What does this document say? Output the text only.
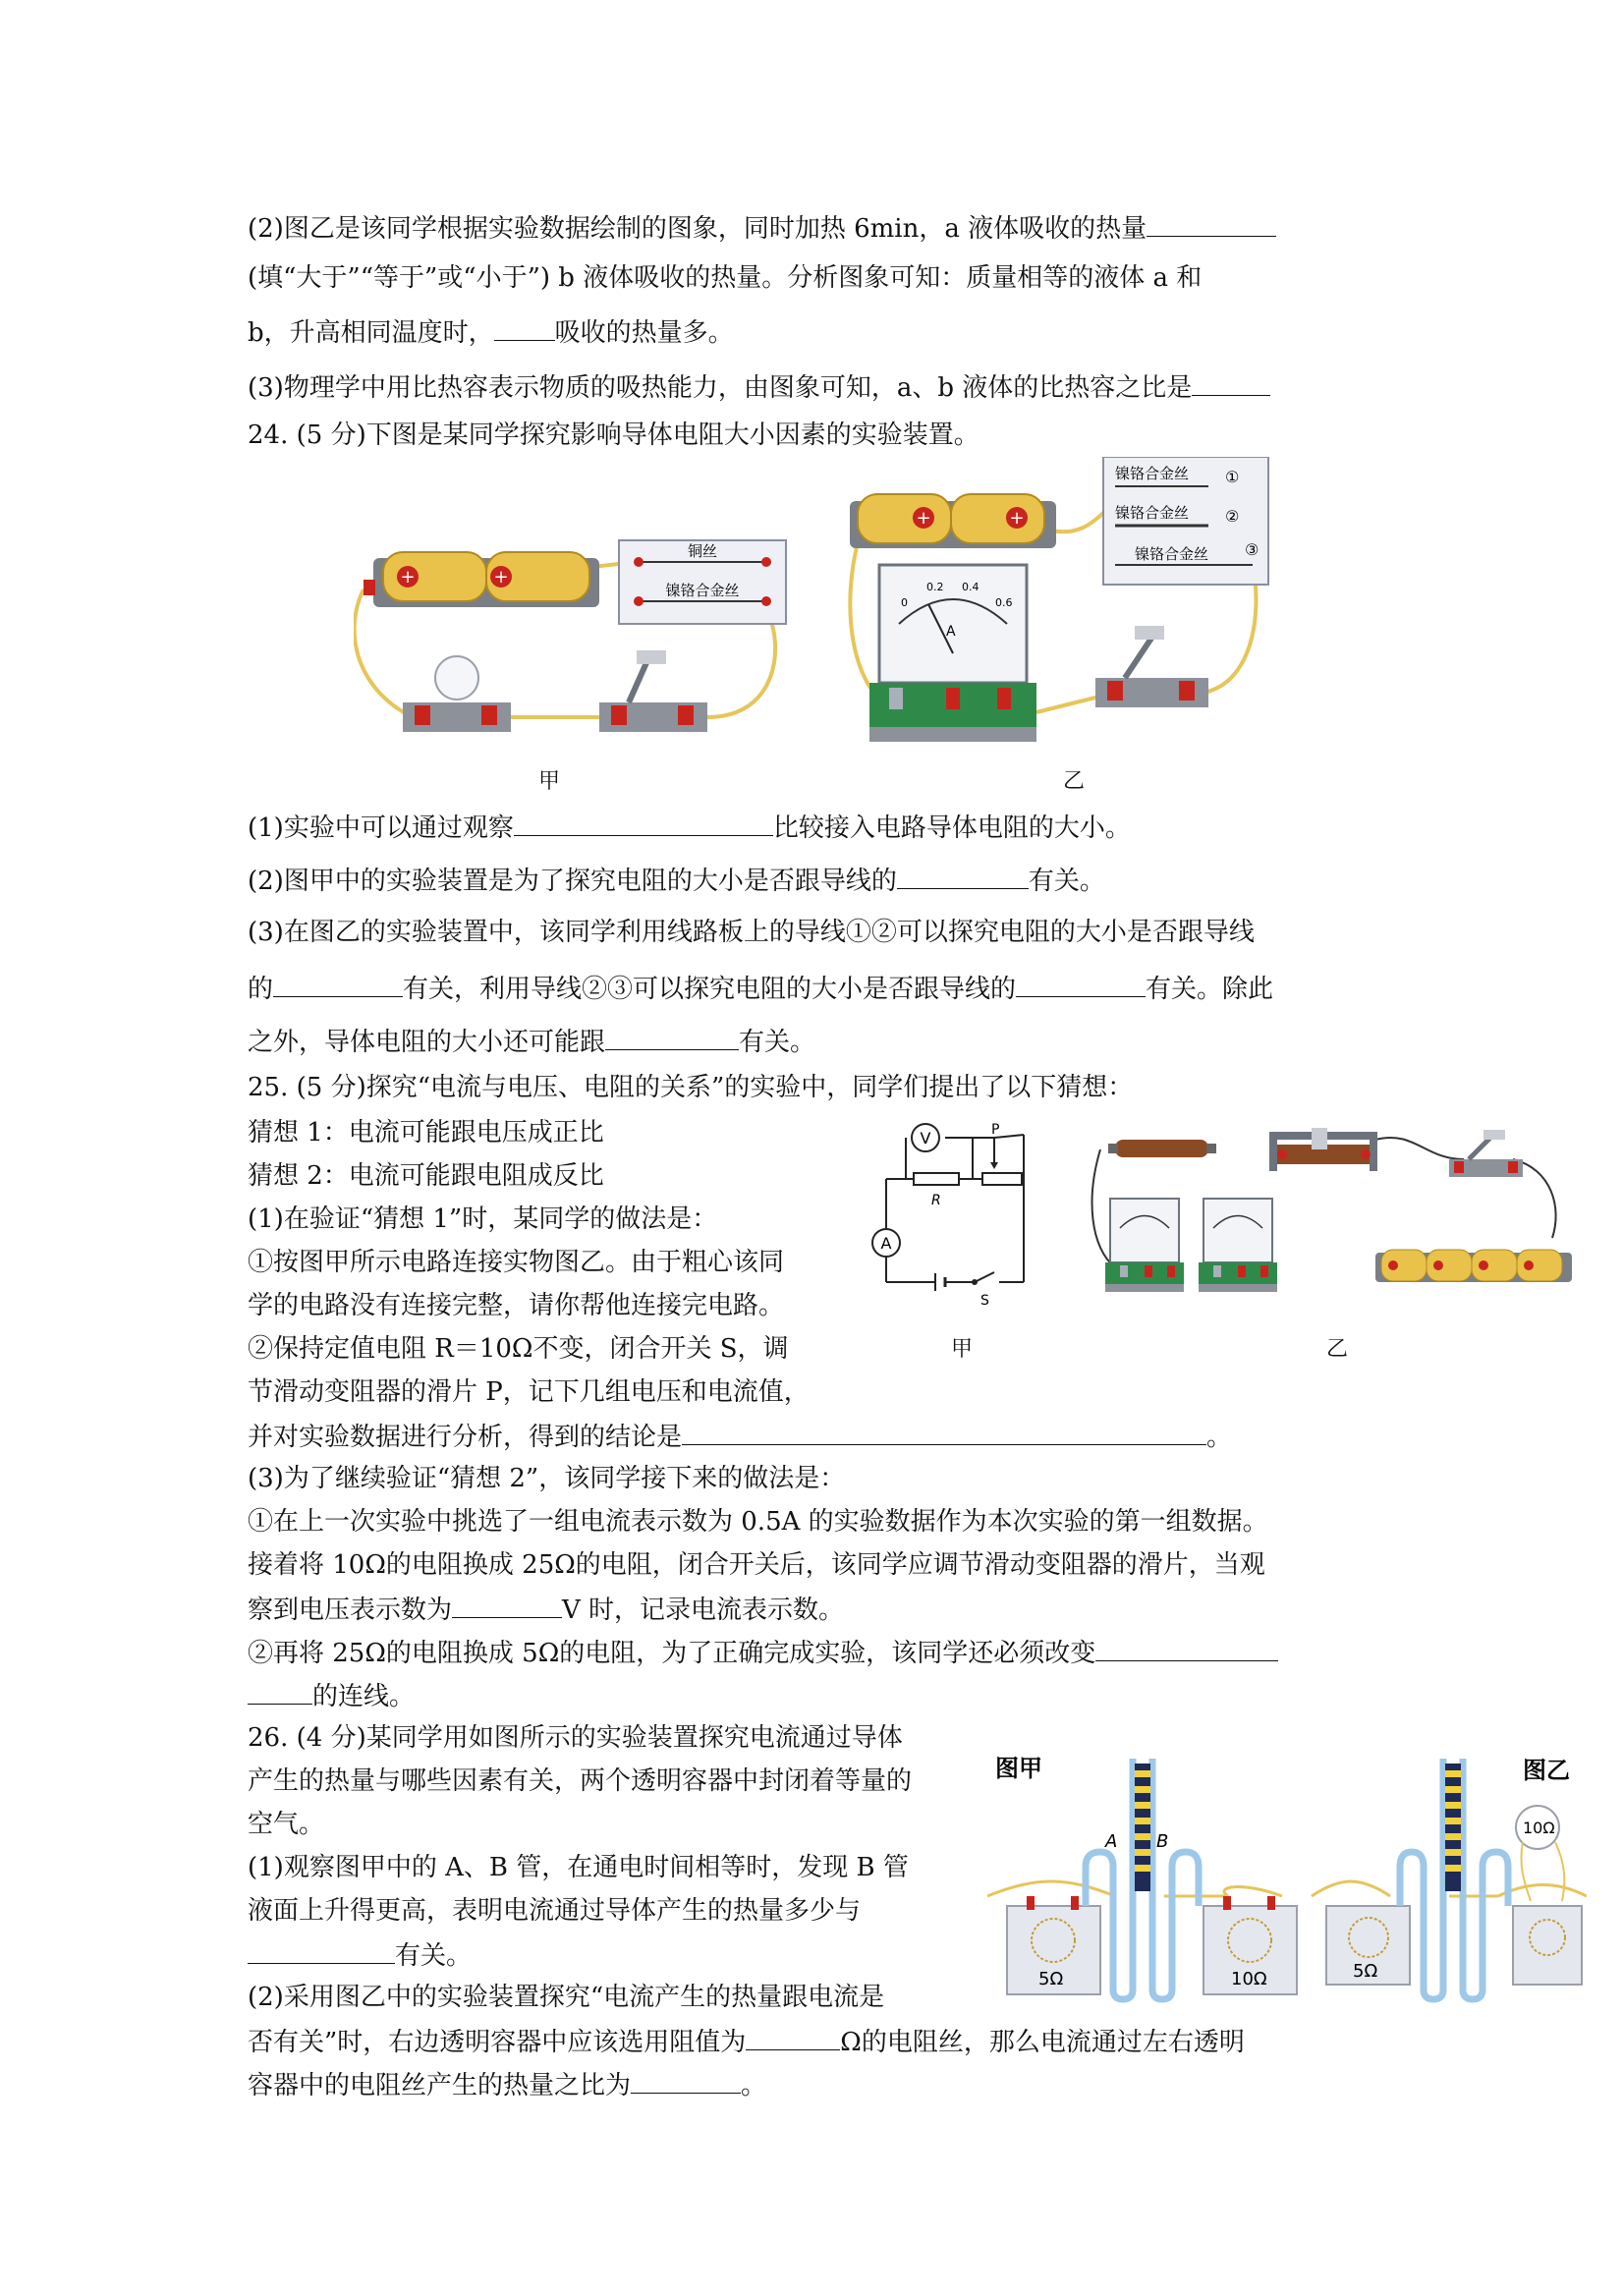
(2)图乙是该同学根据实验数据绘制的图象，同时加热 6min，a 液体吸收的热量
(填“大于”“等于”或“小于”) b 液体吸收的热量。分析图象可知：质量相等的液体 a 和
b，升高相同温度时， 吸收的热量多。
(3)物理学中用比热容表示物质的吸热能力，由图象可知，a、b 液体的比热容之比是
24. (5 分)下图是某同学探究影响导体电阻大小因素的实验装置。
+	+
铜丝
镍铬合金丝
甲
+	+
镍铬合金丝 ①
镍铬合金丝 ②
镍铬合金丝 ③
0
0.2 0.4
0.6
A
乙
(1)实验中可以通过观察	比较接入电路导体电阻的大小。
(2)图甲中的实验装置是为了探究电阻的大小是否跟导线的	有关。
(3)在图乙的实验装置中，该同学利用线路板上的导线①②可以探究电阻的大小是否跟导线
的	有关，利用导线②③可以探究电阻的大小是否跟导线的	有关。除此
之外，导体电阻的大小还可能跟	有关。
25. (5 分)探究“电流与电压、电阻的关系”的实验中，同学们提出了以下猜想：
猜想 1：电流可能跟电压成正比
猜想 2：电流可能跟电阻成反比
(1)在验证“猜想 1”时，某同学的做法是：
①按图甲所示电路连接实物图乙。由于粗心该同
学的电路没有连接完整，请你帮他连接完电路。
②保持定值电阻 R＝10Ω不变，闭合开关 S，调
节滑动变阻器的滑片 P，记下几组电压和电流值，
并对实验数据进行分析，得到的结论是	。
V	P
R
A
S
甲	乙
(3)为了继续验证“猜想 2”，该同学接下来的做法是：
①在上一次实验中挑选了一组电流表示数为 0.5A 的实验数据作为本次实验的第一组数据。
接着将 10Ω的电阻换成 25Ω的电阻，闭合开关后，该同学应调节滑动变阻器的滑片，当观
察到电压表示数为	V 时，记录电流表示数。
②再将 25Ω的电阻换成 5Ω的电阻，为了正确完成实验，该同学还必须改变
的连线。
26. (4 分)某同学用如图所示的实验装置探究电流通过导体
产生的热量与哪些因素有关，两个透明容器中封闭着等量的
空气。
(1)观察图甲中的 A、B 管，在通电时间相等时，发现 B 管
液面上升得更高，表明电流通过导体产生的热量多少与
有关。
(2)采用图乙中的实验装置探究“电流产生的热量跟电流是
否有关”时，右边透明容器中应该选用阻值为	Ω的电阻丝，那么电流通过左右透明
容器中的电阻丝产生的热量之比为	。
图甲	图乙
5Ω
A B
10Ω	5Ω
10Ω
